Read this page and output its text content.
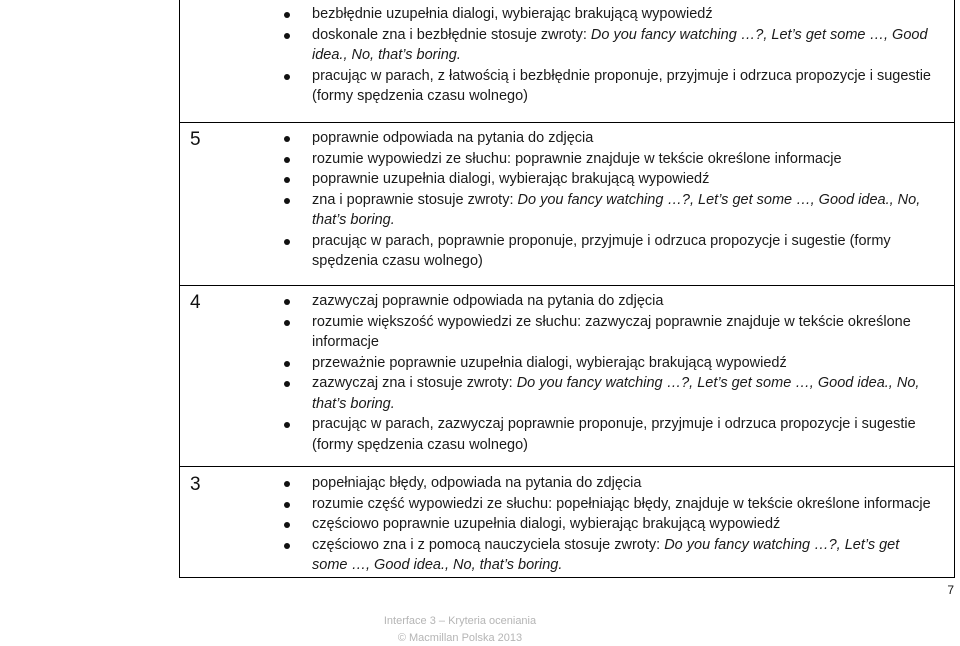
bezbłędnie uzupełnia dialogi, wybierając brakującą wypowiedź
doskonale zna i bezbłędnie stosuje zwroty: Do you fancy watching …?, Let’s get some …, Good idea., No, that’s boring.
pracując w parach, z łatwością i bezbłędnie proponuje, przyjmuje i odrzuca propozycje i sugestie (formy spędzenia czasu wolnego)
5	poprawnie odpowiada na pytania do zdjęcia
rozumie wypowiedzi ze słuchu: poprawnie znajduje w tekście określone informacje
poprawnie uzupełnia dialogi, wybierając brakującą wypowiedź
zna i poprawnie stosuje zwroty: Do you fancy watching …?, Let’s get some …, Good idea., No, that’s boring.
pracując w parach, poprawnie proponuje, przyjmuje i odrzuca propozycje i sugestie (formy spędzenia czasu wolnego)
4	zazwyczaj poprawnie odpowiada na pytania do zdjęcia
rozumie większość wypowiedzi ze słuchu: zazwyczaj poprawnie znajduje w tekście określone informacje
przeważnie poprawnie uzupełnia dialogi, wybierając brakującą wypowiedź
zazwyczaj zna i stosuje zwroty: Do you fancy watching …?, Let’s get some …, Good idea., No, that’s boring.
pracując w parach, zazwyczaj poprawnie proponuje, przyjmuje i odrzuca propozycje i sugestie (formy spędzenia czasu wolnego)
3	popełniając błędy, odpowiada na pytania do zdjęcia
rozumie część wypowiedzi ze słuchu: popełniając błędy, znajduje w tekście określone informacje
częściowo poprawnie uzupełnia dialogi, wybierając brakującą wypowiedź
częściowo zna i z pomocą nauczyciela stosuje zwroty: Do you fancy watching …?, Let’s get some …, Good idea., No, that’s boring.
7
Interface 3 – Kryteria oceniania
© Macmillan Polska 2013
